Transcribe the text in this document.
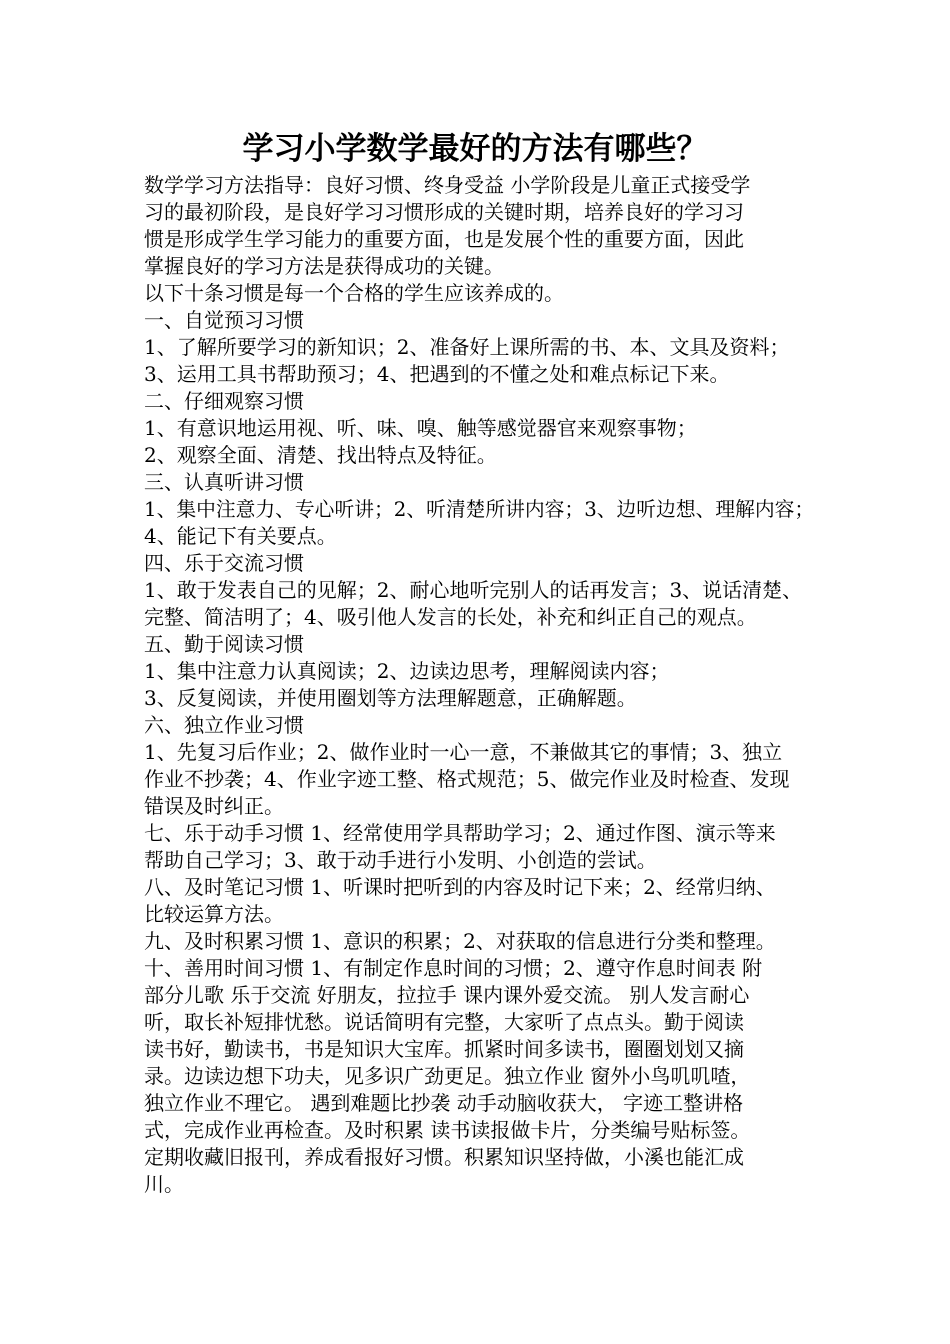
学习小学数学最好的方法有哪些？
数学学习方法指导：良好习惯、终身受益 小学阶段是儿童正式接受学
习的最初阶段，是良好学习习惯形成的关键时期，培养良好的学习习
惯是形成学生学习能力的重要方面，也是发展个性的重要方面，因此
掌握良好的学习方法是获得成功的关键。
以下十条习惯是每一个合格的学生应该养成的。
一、自觉预习习惯
1、了解所要学习的新知识；2、准备好上课所需的书、本、文具及资料；
3、运用工具书帮助预习；4、把遇到的不懂之处和难点标记下来。
二、仔细观察习惯
1、有意识地运用视、听、味、嗅、触等感觉器官来观察事物；
2、观察全面、清楚、找出特点及特征。
三、认真听讲习惯
1、集中注意力、专心听讲；2、听清楚所讲内容；3、边听边想、理解内容；
4、能记下有关要点。
四、乐于交流习惯
1、敢于发表自己的见解；2、耐心地听完别人的话再发言；3、说话清楚、
完整、简洁明了；4、吸引他人发言的长处，补充和纠正自己的观点。
五、勤于阅读习惯
1、集中注意力认真阅读；2、边读边思考，理解阅读内容；
3、反复阅读，并使用圈划等方法理解题意，正确解题。
六、独立作业习惯
1、先复习后作业；2、做作业时一心一意，不兼做其它的事情；3、独立
作业不抄袭；4、作业字迹工整、格式规范；5、做完作业及时检查、发现
错误及时纠正。
七、乐于动手习惯 1、经常使用学具帮助学习；2、通过作图、演示等来
帮助自己学习；3、敢于动手进行小发明、小创造的尝试。
八、及时笔记习惯 1、听课时把听到的内容及时记下来；2、经常归纳、
比较运算方法。
九、及时积累习惯 1、意识的积累；2、对获取的信息进行分类和整理。
十、善用时间习惯 1、有制定作息时间的习惯；2、遵守作息时间表 附
部分儿歌 乐于交流 好朋友，拉拉手 课内课外爱交流。 别人发言耐心
听，取长补短排忧愁。说话简明有完整，大家听了点点头。勤于阅读
读书好，勤读书，书是知识大宝库。抓紧时间多读书，圈圈划划又摘
录。边读边想下功夫，见多识广劲更足。独立作业 窗外小鸟叽叽喳，
独立作业不理它。 遇到难题比抄袭 动手动脑收获大， 字迹工整讲格
式，完成作业再检查。及时积累 读书读报做卡片，分类编号贴标签。
定期收藏旧报刊，养成看报好习惯。积累知识坚持做，小溪也能汇成
川。
